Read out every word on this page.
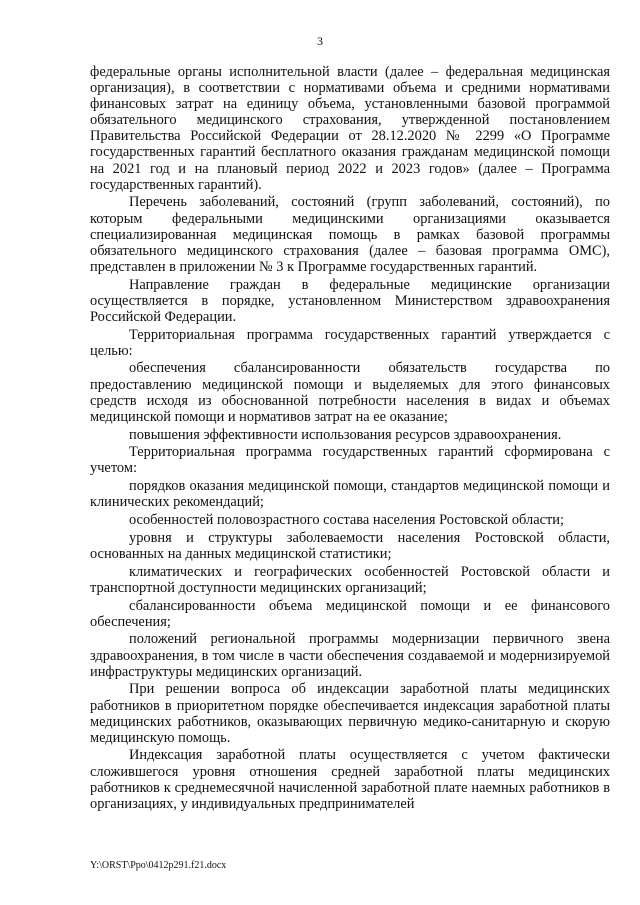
3

федеральные органы исполнительной власти (далее – федеральная медицинская организация), в соответствии с нормативами объема и средними нормативами финансовых затрат на единицу объема, установленными базовой программой обязательного медицинского страхования, утвержденной постановлением Правительства Российской Федерации от 28.12.2020 № 2299 «О Программе государственных гарантий бесплатного оказания гражданам медицинской помощи на 2021 год и на плановый период 2022 и 2023 годов» (далее – Программа государственных гарантий).

Перечень заболеваний, состояний (групп заболеваний, состояний), по которым федеральными медицинскими организациями оказывается специализированная медицинская помощь в рамках базовой программы обязательного медицинского страхования (далее – базовая программа ОМС), представлен в приложении № 3 к Программе государственных гарантий.

Направление граждан в федеральные медицинские организации осуществляется в порядке, установленном Министерством здравоохранения Российской Федерации.

Территориальная программа государственных гарантий утверждается с целью:

обеспечения сбалансированности обязательств государства по предоставлению медицинской помощи и выделяемых для этого финансовых средств исходя из обоснованной потребности населения в видах и объемах медицинской помощи и нормативов затрат на ее оказание;

повышения эффективности использования ресурсов здравоохранения.

Территориальная программа государственных гарантий сформирована с учетом:

порядков оказания медицинской помощи, стандартов медицинской помощи и клинических рекомендаций;

особенностей половозрастного состава населения Ростовской области;

уровня и структуры заболеваемости населения Ростовской области, основанных на данных медицинской статистики;

климатических и географических особенностей Ростовской области и транспортной доступности медицинских организаций;

сбалансированности объема медицинской помощи и ее финансового обеспечения;

положений региональной программы модернизации первичного звена здравоохранения, в том числе в части обеспечения создаваемой и модернизируемой инфраструктуры медицинских организаций.

При решении вопроса об индексации заработной платы медицинских работников в приоритетном порядке обеспечивается индексация заработной платы медицинских работников, оказывающих первичную медико-санитарную и скорую медицинскую помощь.

Индексация заработной платы осуществляется с учетом фактически сложившегося уровня отношения средней заработной платы медицинских работников к среднемесячной начисленной заработной плате наемных работников в организациях, у индивидуальных предпринимателей

Y:\ORST\Ppo\0412p291.f21.docx
